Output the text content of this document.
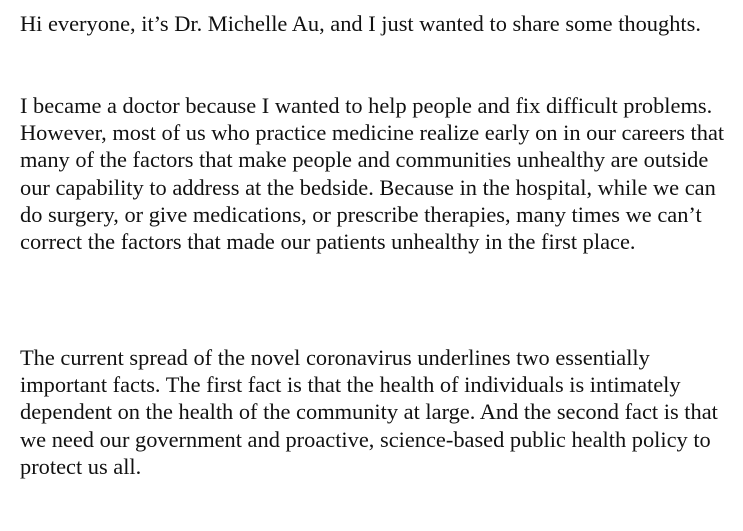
Hi everyone, it’s Dr. Michelle Au, and I just wanted to share some thoughts.

I became a doctor because I wanted to help people and fix difficult problems. However, most of us who practice medicine realize early on in our careers that many of the factors that make people and communities unhealthy are outside our capability to address at the bedside. Because in the hospital, while we can do surgery, or give medications, or prescribe therapies, many times we can’t correct the factors that made our patients unhealthy in the first place.

The current spread of the novel coronavirus underlines two essentially important facts. The first fact is that the health of individuals is intimately dependent on the health of the community at large. And the second fact is that we need our government and proactive, science-based public health policy to protect us all.
